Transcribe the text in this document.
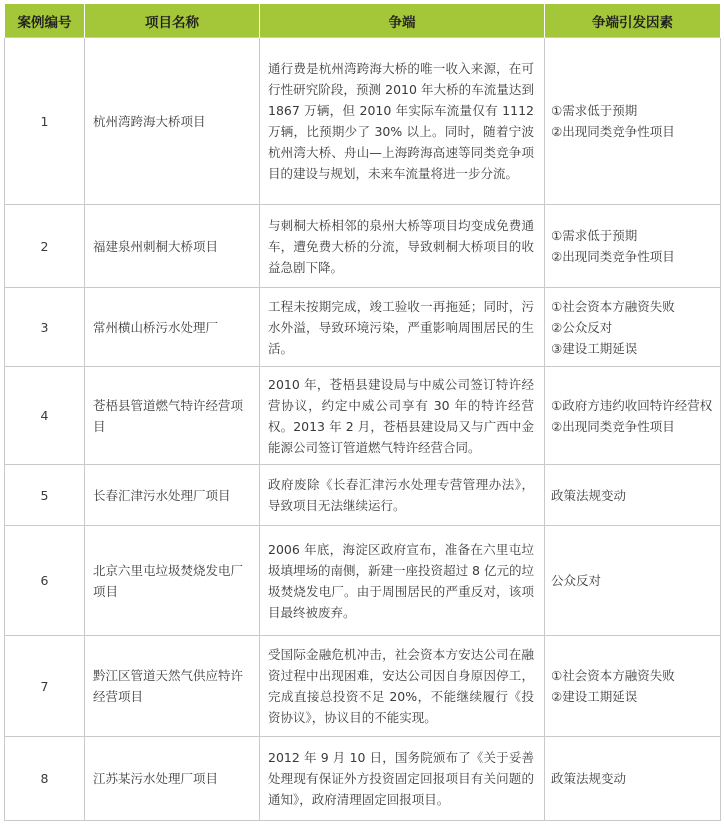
案例编号	项目名称	争端	争端引发因素
1	杭州湾跨海大桥项目	通行费是杭州湾跨海大桥的唯一收入来源，在可行性研究阶段，预测 2010 年大桥的车流量达到 1867 万辆，但 2010 年实际车流量仅有 1112 万辆，比预期少了 30% 以上。同时，随着宁波杭州湾大桥、舟山—上海跨海高速等同类竞争项目的建设与规划，未来车流量将进一步分流。	①需求低于预期
②出现同类竞争性项目

2	福建泉州刺桐大桥项目	与刺桐大桥相邻的泉州大桥等项目均变成免费通车，遭免费大桥的分流，导致刺桐大桥项目的收益急剧下降。	①需求低于预期
②出现同类竞争性项目

3	常州横山桥污水处理厂	工程未按期完成，竣工验收一再拖延；同时，污水外溢，导致环境污染，严重影响周围居民的生活。	①社会资本方融资失败
②公众反对
③建设工期延误

4	苍梧县管道燃气特许经营项目	2010 年，苍梧县建设局与中威公司签订特许经营协议，约定中威公司享有 30 年的特许经营权。2013 年 2 月，苍梧县建设局又与广西中金能源公司签订管道燃气特许经营合同。	①政府方违约收回特许经营权
②出现同类竞争性项目

5	长春汇津污水处理厂项目	政府废除《长春汇津污水处理专营管理办法》，导致项目无法继续运行。	政策法规变动

6	北京六里屯垃圾焚烧发电厂项目	2006 年底，海淀区政府宣布，准备在六里屯垃圾填埋场的南侧，新建一座投资超过 8 亿元的垃圾焚烧发电厂。由于周围居民的严重反对，该项目最终被废弃。	公众反对

7	黔江区管道天然气供应特许经营项目	受国际金融危机冲击，社会资本方安达公司在融资过程中出现困难，安达公司因自身原因停工，完成直接总投资不足 20%，不能继续履行《投资协议》，协议目的不能实现。	①社会资本方融资失败
②建设工期延误

8	江苏某污水处理厂项目	2012 年 9 月 10 日，国务院颁布了《关于妥善处理现有保证外方投资固定回报项目有关问题的通知》，政府清理固定回报项目。	政策法规变动
